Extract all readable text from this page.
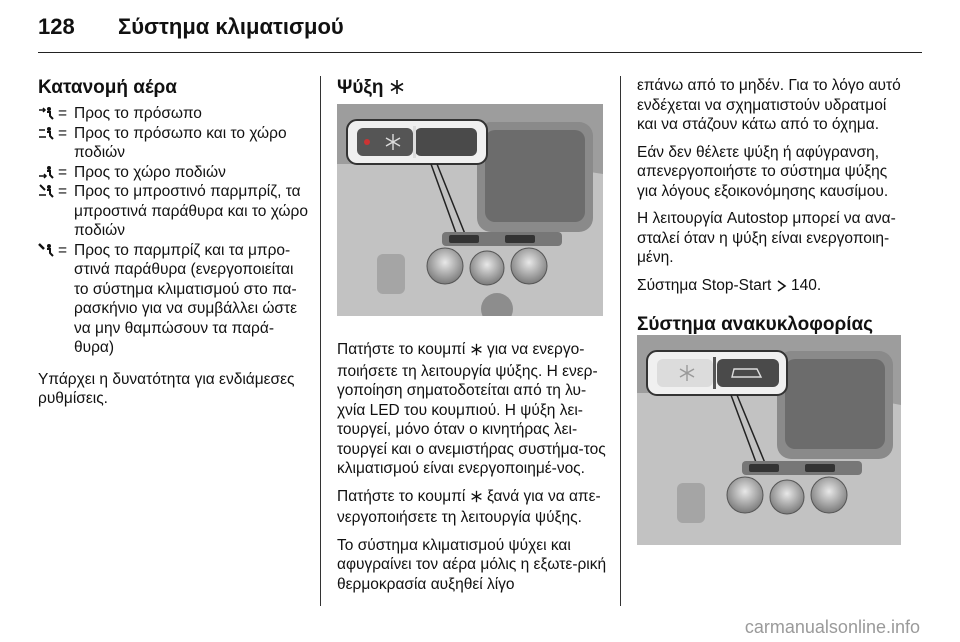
128 Σύστημα κλιματισμού
Κατανομή αέρα
= Προς το πρόσωπο
= Προς το πρόσωπο και το χώρο ποδιών
= Προς το χώρο ποδιών
= Προς το μπροστινό παρμπρίζ, τα μπροστινά παράθυρα και το χώρο ποδιών
= Προς το παρμπρίζ και τα μπρο-στινά παράθυρα (ενεργοποιείται το σύστημα κλιματισμού στο πα-ρασκήνιο για να συμβάλλει ώστε να μην θαμπώσουν τα παρά-θυρα)

Υπάρχει η δυνατότητα για ενδιάμεσες ρυθμίσεις.

Ψύξη

Πατήστε το κουμπί για να ενεργο-ποιήσετε τη λειτουργία ψύξης. Η ενερ-γοποίηση σηματοδοτείται από τη λυ-χνία LED του κουμπιού. Η ψύξη λει-τουργεί, μόνο όταν ο κινητήρας λει-τουργεί και ο ανεμιστήρας συστήμα-τος κλιματισμού είναι ενεργοποιημέ-νος.

Πατήστε το κουμπί ξανά για να απε-νεργοποιήσετε τη λειτουργία ψύξης.

Το σύστημα κλιματισμού ψύχει και αφυγραίνει τον αέρα μόλις η εξωτε-ρική θερμοκρασία αυξηθεί λίγο

επάνω από το μηδέν. Για το λόγο αυτό ενδέχεται να σχηματιστούν υδρατμοί και να στάζουν κάτω από το όχημα.

Εάν δεν θέλετε ψύξη ή αφύγρανση, απενεργοποιήστε το σύστημα ψύξης για λόγους εξοικονόμησης καυσίμου.

Η λειτουργία Autostop μπορεί να ανα-σταλεί όταν η ψύξη είναι ενεργοποιη-μένη.

Σύστημα Stop-Start 140.

Σύστημα ανακυκλοφορίας
carmanualsonline.info
